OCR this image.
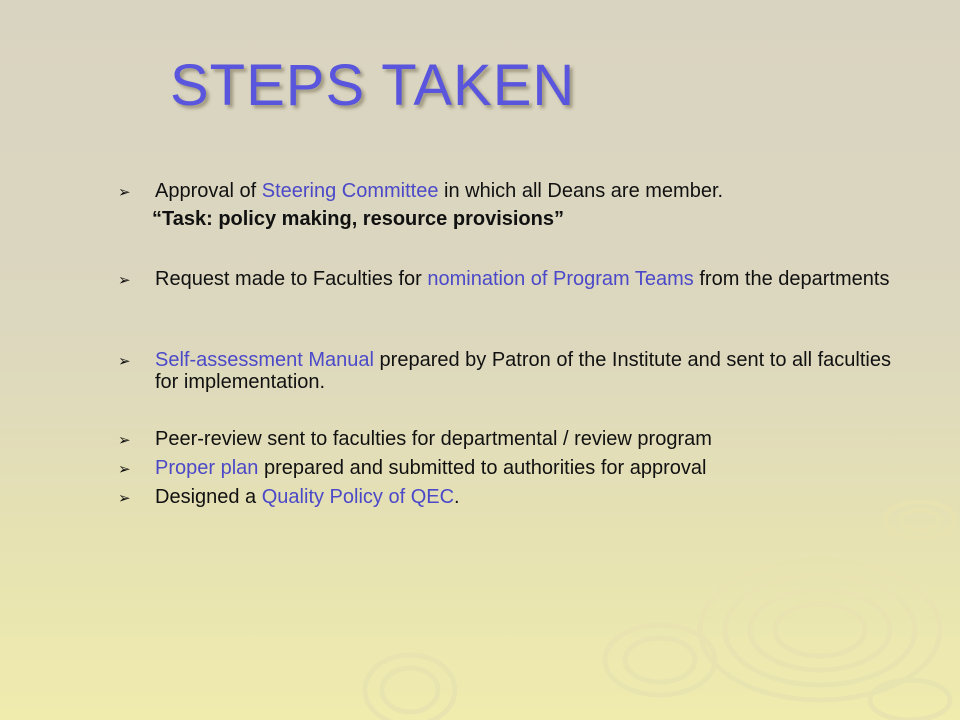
STEPS TAKEN
➢ Approval of Steering Committee in which all Deans are member.
“Task: policy making, resource provisions”
➢ Request made to Faculties for nomination of Program Teams from the departments
➢ Self-assessment Manual prepared by Patron of the Institute and sent to all faculties for implementation.
➢ Peer-review sent to faculties for departmental / review program
➢ Proper plan prepared and submitted to authorities for approval
➢ Designed a Quality Policy of QEC.
